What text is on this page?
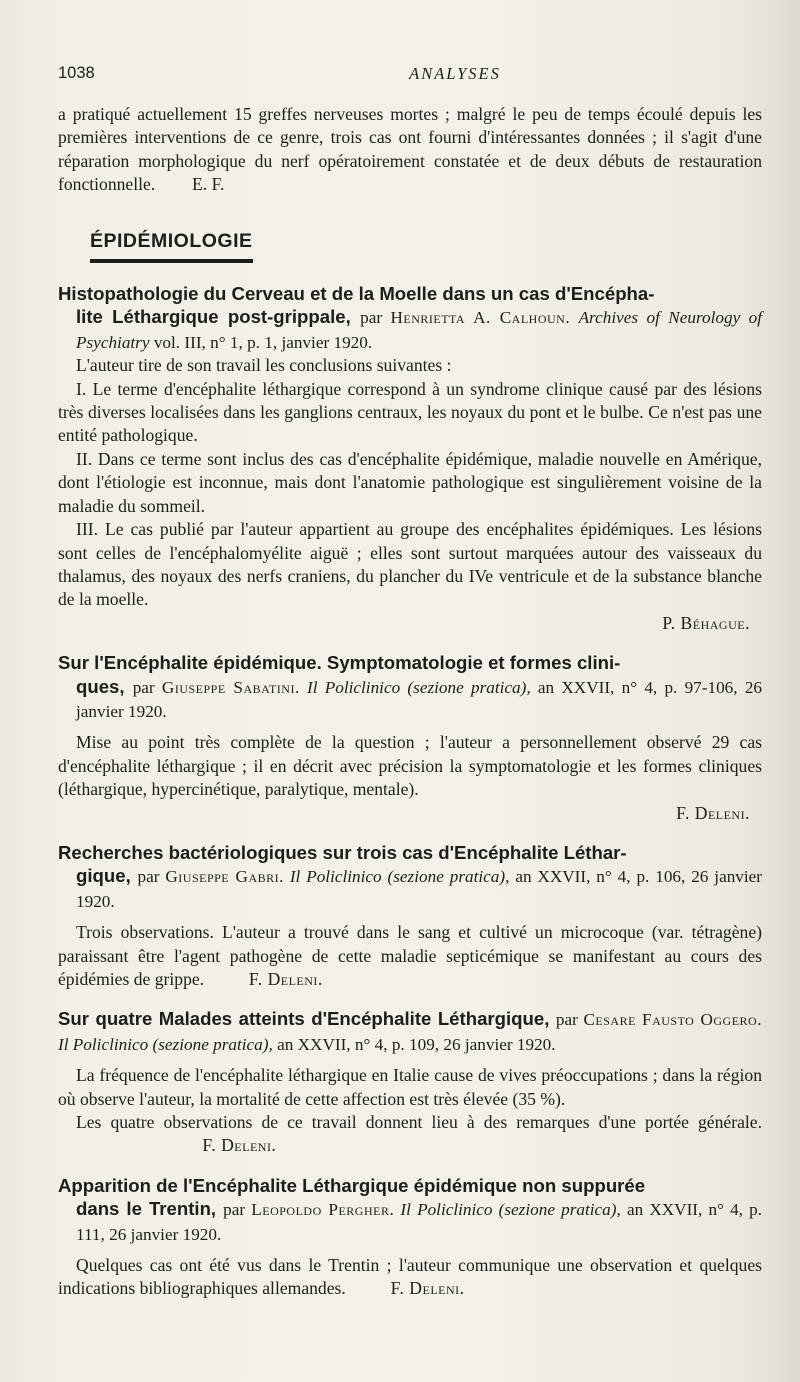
1038	ANALYSES

a pratiqué actuellement 15 greffes nerveuses mortes ; malgré le peu de temps écoulé depuis les premières interventions de ce genre, trois cas ont fourni d'intéressantes données ; il s'agit d'une réparation morphologique du nerf opératoirement constatée et de deux débuts de restauration fonctionnelle. E. F.

ÉPIDÉMIOLOGIE
Histopathologie du Cerveau et de la Moelle dans un cas d'Encépha-
lite Léthargique post-grippale, par Henrietta A. Calhoun. Archives of Neurology of Psychiatry vol. III, n° 1, p. 1, janvier 1920.

L'auteur tire de son travail les conclusions suivantes :

I. Le terme d'encéphalite léthargique correspond à un syndrome clinique causé par des lésions très diverses localisées dans les ganglions centraux, les noyaux du pont et le bulbe. Ce n'est pas une entité pathologique.

II. Dans ce terme sont inclus des cas d'encéphalite épidémique, maladie nouvelle en Amérique, dont l'étiologie est inconnue, mais dont l'anatomie pathologique est singulièrement voisine de la maladie du sommeil.

III. Le cas publié par l'auteur appartient au groupe des encéphalites épidémiques. Les lésions sont celles de l'encéphalomyélite aiguë ; elles sont surtout marquées autour des vaisseaux du thalamus, des noyaux des nerfs craniens, du plancher du IVe ventricule et de la substance blanche de la moelle.

P. Béhague.

Sur l'Encéphalite épidémique. Symptomatologie et formes clini-
ques, par Giuseppe Sabatini. Il Policlinico (sezione pratica), an XXVII, n° 4, p. 97-106, 26 janvier 1920.

Mise au point très complète de la question ; l'auteur a personnellement observé 29 cas d'encéphalite léthargique ; il en décrit avec précision la symptomatologie et les formes cliniques (léthargique, hypercinétique, paralytique, mentale).

F. Deleni.

Recherches bactériologiques sur trois cas d'Encéphalite Léthar-
gique, par Giuseppe Gabri. Il Policlinico (sezione pratica), an XXVII, n° 4, p. 106, 26 janvier 1920.

Trois observations. L'auteur a trouvé dans le sang et cultivé un microcoque (var. tétragène) paraissant être l'agent pathogène de cette maladie septicémique se manifestant au cours des épidémies de grippe.	F. Deleni.

Sur quatre Malades atteints d'Encéphalite Léthargique, par Cesare Fausto Oggero. Il Policlinico (sezione pratica), an XXVII, n° 4, p. 109, 26 janvier 1920.

La fréquence de l'encéphalite léthargique en Italie cause de vives préoccupations ; dans la région où observe l'auteur, la mortalité de cette affection est très élevée (35 %).

Les quatre observations de ce travail donnent lieu à des remarques d'une portée générale.  F. Deleni.

Apparition de l'Encéphalite Léthargique épidémique non suppurée
dans le Trentin, par Leopoldo Pergher. Il Policlinico (sezione pratica), an XXVII, n° 4, p. 111, 26 janvier 1920.

Quelques cas ont été vus dans le Trentin ; l'auteur communique une observation et quelques indications bibliographiques allemandes.	F. Deleni.
